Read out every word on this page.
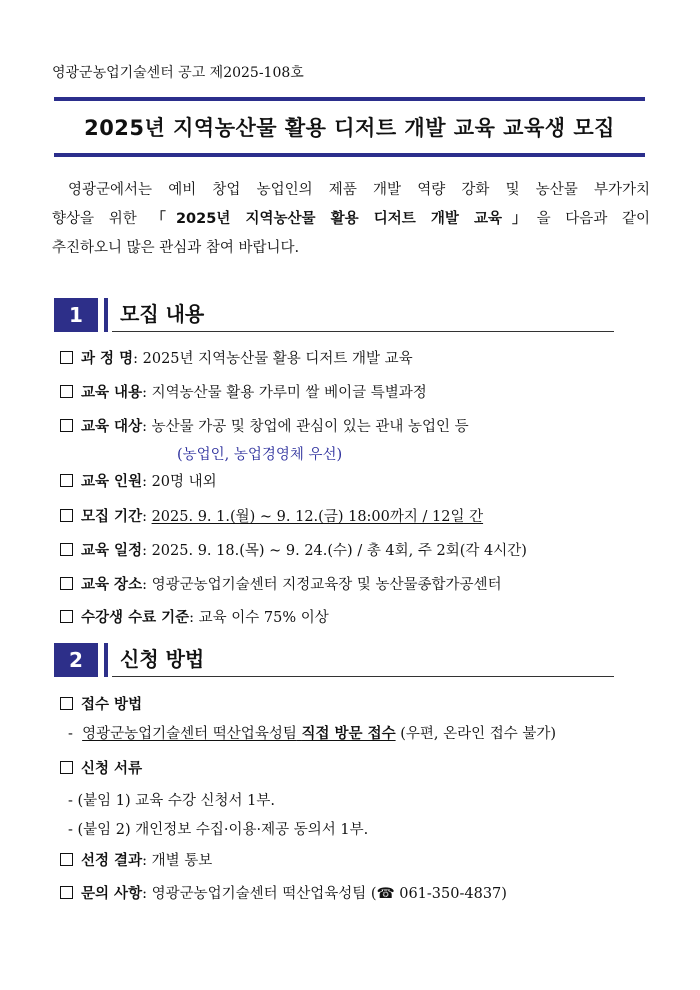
영광군농업기술센터 공고 제2025-108호
2025년 지역농산물 활용 디저트 개발 교육 교육생 모집

영광군에서는 예비 창업 농업인의 제품 개발 역량 강화 및 농산물 부가가치

향상을 위한 「2025년 지역농산물 활용 디저트 개발 교육」을 다음과 같이

추진하오니 많은 관심과 참여 바랍니다.

1	모집 내용
과 정 명: 2025년 지역농산물 활용 디저트 개발 교육
교육 내용: 지역농산물 활용 가루미 쌀 베이글 특별과정
교육 대상: 농산물 가공 및 창업에 관심이 있는 관내 농업인 등
(농업인, 농업경영체 우선)
교육 인원: 20명 내외
모집 기간: 2025. 9. 1.(월) ~ 9. 12.(금) 18:00까지 / 12일 간
교육 일정: 2025. 9. 18.(목) ~ 9. 24.(수) / 총 4회, 주 2회(각 4시간)
교육 장소: 영광군농업기술센터 지정교육장 및 농산물종합가공센터
수강생 수료 기준: 교육 이수 75% 이상
2	신청 방법
접수 방법
- 영광군농업기술센터 떡산업육성팀 직접 방문 접수 (우편, 온라인 접수 불가)
신청 서류
- (붙임 1) 교육 수강 신청서 1부.
- (붙임 2) 개인정보 수집·이용·제공 동의서 1부.
선정 결과: 개별 통보
문의 사항: 영광군농업기술센터 떡산업육성팀 (☎ 061-350-4837)
